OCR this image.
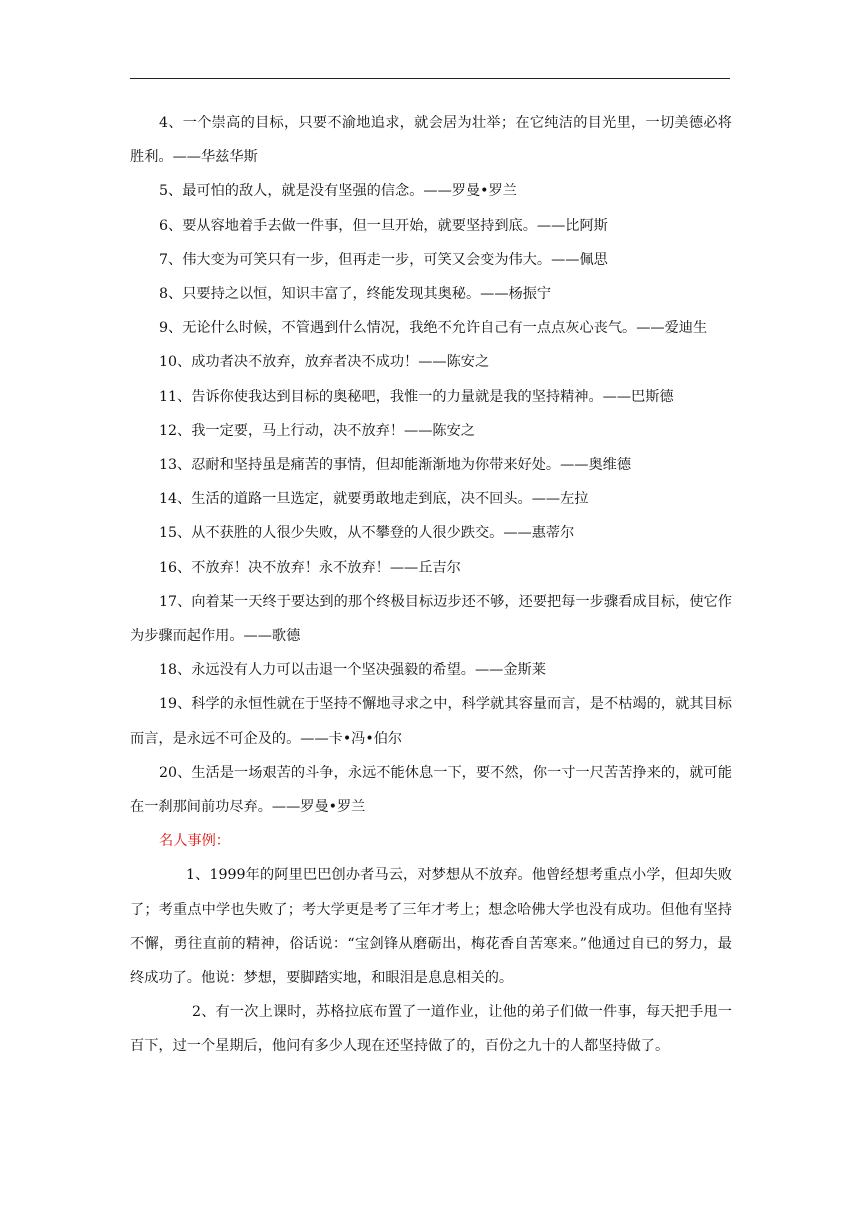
4、一个崇高的目标，只要不渝地追求，就会居为壮举；在它纯洁的目光里，一切美德必将胜利。——华兹华斯

5、最可怕的敌人，就是没有坚强的信念。——罗曼•罗兰

6、要从容地着手去做一件事，但一旦开始，就要坚持到底。——比阿斯

7、伟大变为可笑只有一步，但再走一步，可笑又会变为伟大。——佩思

8、只要持之以恒，知识丰富了，终能发现其奥秘。——杨振宁

9、无论什么时候，不管遇到什么情况，我绝不允许自己有一点点灰心丧气。——爱迪生

10、成功者决不放弃，放弃者决不成功！——陈安之

11、告诉你使我达到目标的奥秘吧，我惟一的力量就是我的坚持精神。——巴斯德

12、我一定要，马上行动，决不放弃！——陈安之

13、忍耐和坚持虽是痛苦的事情，但却能渐渐地为你带来好处。——奥维德

14、生活的道路一旦选定，就要勇敢地走到底，决不回头。——左拉

15、从不获胜的人很少失败，从不攀登的人很少跌交。——惠蒂尔

16、不放弃！决不放弃！永不放弃！——丘吉尔

17、向着某一天终于要达到的那个终极目标迈步还不够，还要把每一步骤看成目标，使它作为步骤而起作用。——歌德

18、永远没有人力可以击退一个坚决强毅的希望。——金斯莱

19、科学的永恒性就在于坚持不懈地寻求之中，科学就其容量而言，是不枯竭的，就其目标而言，是永远不可企及的。——卡•冯•伯尔

20、生活是一场艰苦的斗争，永远不能休息一下，要不然，你一寸一尺苦苦挣来的，就可能在一刹那间前功尽弃。——罗曼•罗兰

名人事例：

1、1999年的阿里巴巴创办者马云，对梦想从不放弃。他曾经想考重点小学，但却失败了；考重点中学也失败了；考大学更是考了三年才考上；想念哈佛大学也没有成功。但他有坚持不懈，勇往直前的精神，俗话说：“宝剑锋从磨砺出，梅花香自苦寒来。”他通过自已的努力，最终成功了。他说：梦想，要脚踏实地，和眼泪是息息相关的。

2、有一次上课时，苏格拉底布置了一道作业，让他的弟子们做一件事，每天把手甩一百下，过一个星期后，他问有多少人现在还坚持做了的，百份之九十的人都坚持做了。
